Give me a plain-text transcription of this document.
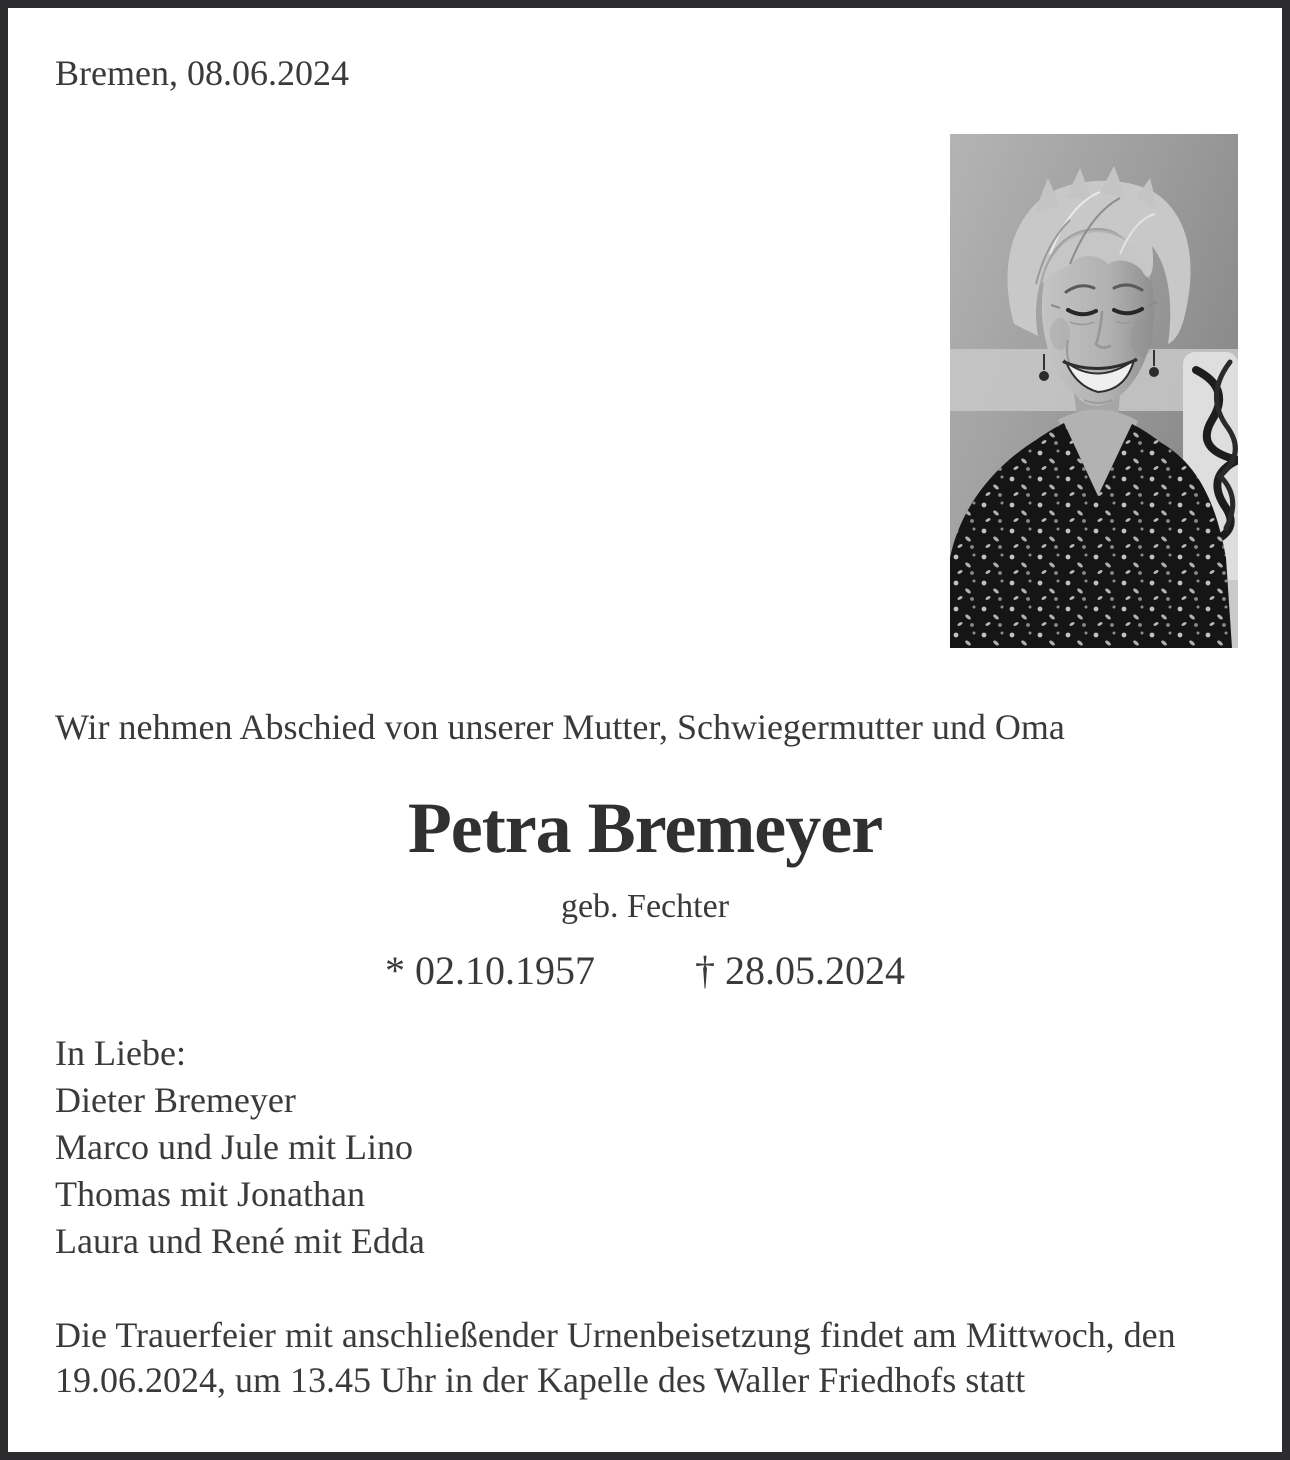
Bremen, 08.06.2024
Wir nehmen Abschied von unserer Mutter, Schwiegermutter und Oma
Petra Bremeyer
geb. Fechter
* 02.10.1957	† 28.05.2024
In Liebe:
Dieter Bremeyer
Marco und Jule mit Lino
Thomas mit Jonathan
Laura und René mit Edda
Die Trauerfeier mit anschließender Urnenbeisetzung findet am Mittwoch, den 19.06.2024, um 13.45 Uhr in der Kapelle des Waller Friedhofs statt
